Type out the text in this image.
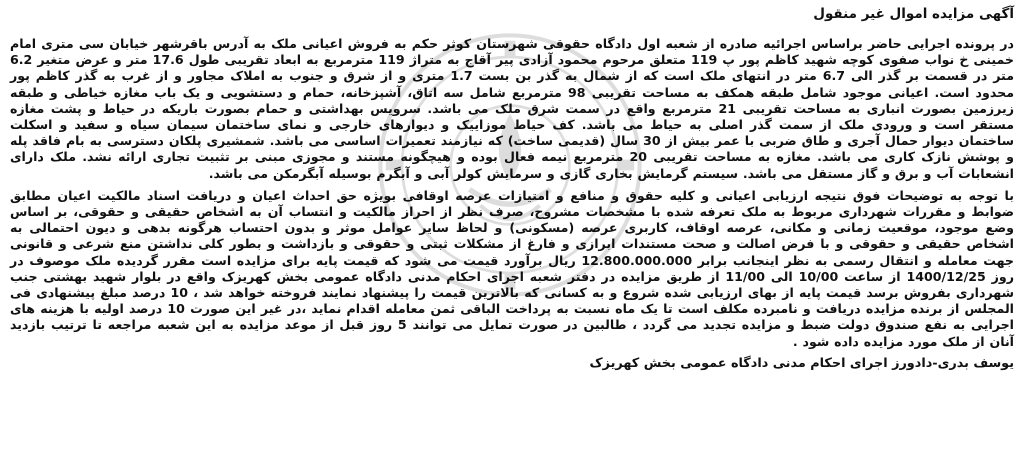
آگهی مزایده اموال غیر منقول

در پرونده اجرایی حاضر براساس اجرائیه صادره از شعبه اول دادگاه حقوقی شهرستان کوثر حکم به فروش اعیانی ملک به آدرس باقرشهر خیابان سی متری امام خمینی خ نواب صفوی کوچه شهید کاظم پور پ 119 متعلق مرحوم محمود آزادی پیر آقاج به متراژ 119 مترمربع به ابعاد تقریبی طول 17.6 متر و عرض متغیر 6.2 متر در قسمت بر گذر الی 6.7 متر در انتهای ملک است که از شمال به گذر بن بست 1.7 متری و از شرق و جنوب به املاک مجاور و از غرب به گذر کاظم پور محدود است. اعیانی موجود شامل طبقه همکف به مساحت تقریبی 98 مترمربع شامل سه اتاق، آشپزخانه، حمام و دستشویی و یک باب مغازه خیاطی و طبقه زیرزمین بصورت انباری به مساحت تقریبی 21 مترمربع واقع در سمت شرق ملک می باشد. سرویس بهداشتی و حمام بصورت باریکه در حیاط و پشت مغازه مستقر است و ورودی ملک از سمت گذر اصلی به حیاط می باشد. کف حیاط موزاییک و دیوارهای خارجی و نمای ساختمان سیمان سیاه و سفید و اسکلت ساختمان دیوار حمال آجری و طاق ضربی با عمر بیش از 30 سال (قدیمی ساخت) که نیازمند تعمیرات اساسی می باشد. شمشیری پلکان دسترسی به بام فاقد پله و پوشش نازک کاری می باشد. مغازه به مساحت تقریبی 20 مترمربع نیمه فعال بوده و هیچگونه مستند و مجوزی مبنی بر تثبیت تجاری ارائه نشد. ملک دارای انشعابات آب و برق و گاز مستقل می باشد. سیستم گرمایش بخاری گازی و سرمایش کولر آبی و آبگرم بوسیله آبگرمکن می باشد.

با توجه به توضیحات فوق نتیجه ارزیابی اعیانی و کلیه حقوق و منافع و امتیازات عرصه اوقافی بویژه حق احداث اعیان و دریافت اسناد مالکیت اعیان مطابق ضوابط و مقررات شهرداری مربوط به ملک تعرفه شده با مشخصات مشروح، صرف نظر از احراز مالکیت و انتساب آن به اشخاص حقیقی و حقوقی، بر اساس وضع موجود، موقعیت زمانی و مکانی، عرصه اوقاف، کاربری عرصه (مسکونی) و لحاظ سایر عوامل موثر و بدون احتساب هرگونه بدهی و دیون احتمالی به اشخاص حقیقی و حقوقی و با فرض اصالت و صحت مستندات ابرازی و فارغ از مشکلات ثبتی و حقوقی و بازداشت و بطور کلی نداشتن منع شرعی و قانونی جهت معامله و انتقال رسمی به نظر اینجانب برابر 12.800.000.000 ریال برآورد قیمت می شود که قیمت پایه برای مزایده است مقرر گردیده ملک موصوف در روز 1400/12/25 از ساعت 10/00 الی 11/00 از طریق مزایده در دفتر شعبه اجرای احکام مدنی دادگاه عمومی بخش کهریزک واقع در بلوار شهید بهشتی جنب شهرداری بفروش برسد قیمت پایه از بهای ارزیابی شده شروع و به کسانی که بالاترین قیمت را پیشنهاد نمایند فروخته خواهد شد ، 10 درصد مبلغ پیشنهادی فی المجلس از برنده مزایده دریافت و نامبرده مکلف است تا یک ماه نسبت به پرداخت الباقی ثمن معامله اقدام نماید ،در غیر این صورت 10 درصد اولیه با هزینه های اجرایی به نفع صندوق دولت ضبط و مزایده تجدید می گردد ، طالبین در صورت تمایل می توانند 5 روز قبل از موعد مزایده به این شعبه مراجعه تا ترتیب بازدید آنان از ملک مورد مزایده داده شود .

یوسف بدری-دادورز اجرای احکام مدنی دادگاه عمومی بخش کهریزک
